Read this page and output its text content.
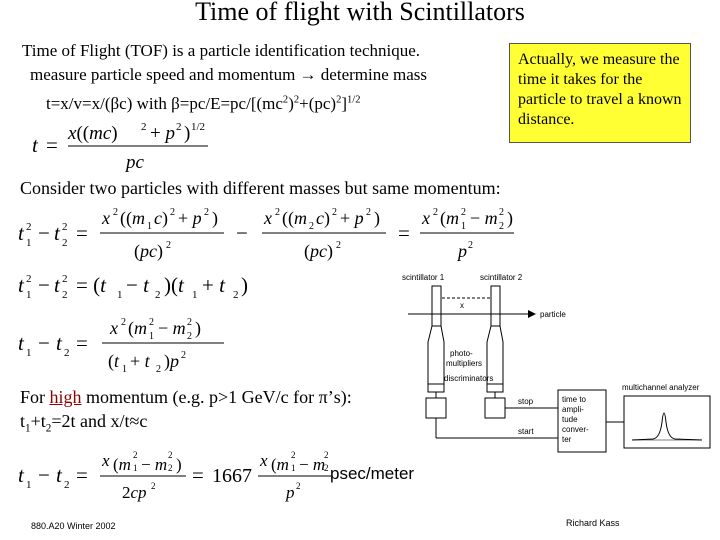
Time of flight with Scintillators
Time of Flight (TOF) is a particle identification technique.
measure particle speed and momentum → determine mass
t=x/v=x/(βc) with $\beta=pc/E=pc/[(mc^2)^2+(pc)^2]^{1/2}$
Actually, we measure the time it takes for the particle to travel a known distance.
t = x((mc) 2 + p 2 ) 1/2
pc
Consider two particles with different masses but same momentum:
t 2
1 − t 2
2 =
x 2 ((m 1 c) 2 + p 2 )
(pc) 2
−
x 2 ((m 2 c) 2 + p 2 )
(pc) 2
=
x 2 (m 2
1 − m 2
2 )
p 2
t 2
1 − t 2
2 = (t 1 − t 2 )(t 1 + t 2 )
t 1 − t 2 =
x 2 (m 2
1 − m 2
2 )
(t 1 + t 2 )p 2
For high momentum (e.g. p>1 GeV/c for π’s):
$t_1+t_2=2t$ and x/t≈c
t 1 − t 2 =
x (m 2
1 − m 2
2 )
2cp 2 = 1667
x (m 2
1 − m
2
2
p 2
psec/meter
scintillator 1	scintillator 2
x
particle
photo-
multipliers
discriminators
stop
start
time to
ampli-
tude
conver-
ter
multichannel analyzer
880.A20 Winter 2002	Richard Kass
